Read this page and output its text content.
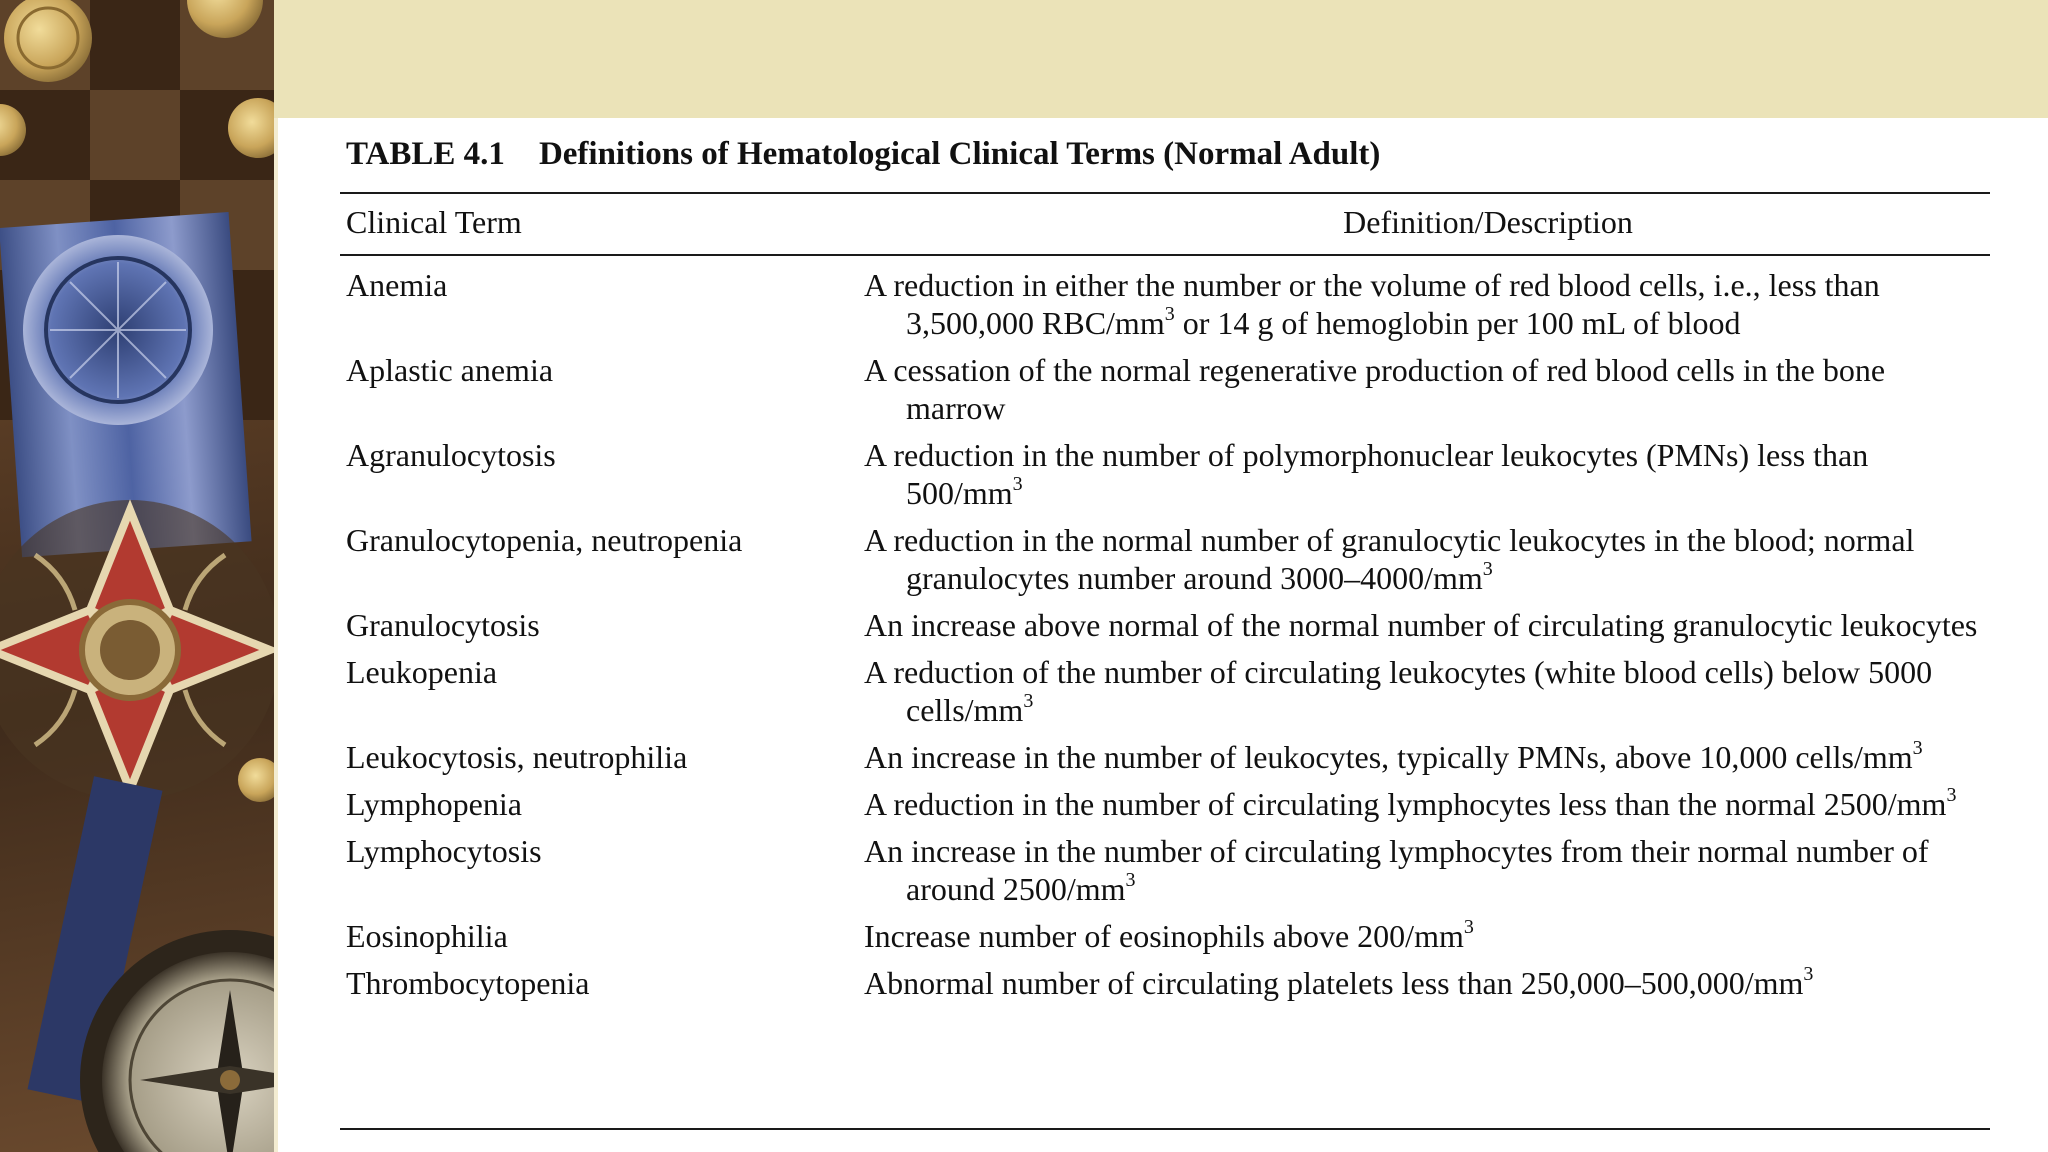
TABLE 4.1 Definitions of Hematological Clinical Terms (Normal Adult)
Clinical Term	Definition/Description
Anemia	A reduction in either the number or the volume of red blood cells, i.e., less than 3,500,000 RBC/$mm^3$ or 14 g of hemoglobin per 100 mL of blood
Aplastic anemia	A cessation of the normal regenerative production of red blood cells in the bone marrow
Agranulocytosis	A reduction in the number of polymorphonuclear leukocytes (PMNs) less than $500/mm^3$
Granulocytopenia, neutropenia	A reduction in the normal number of granulocytic leukocytes in the blood; normal granulocytes number around $3000-4000/mm^3$
Granulocytosis	An increase above normal of the normal number of circulating granulocytic leukocytes
Leukopenia	A reduction of the number of circulating leukocytes (white blood cells) below 5000 cells/$mm^3$
Leukocytosis, neutrophilia	An increase in the number of leukocytes, typically PMNs, above 10,000 cells/$mm^3$
Lymphopenia	A reduction in the number of circulating lymphocytes less than the normal $2500/mm^3$
Lymphocytosis	An increase in the number of circulating lymphocytes from their normal number of around $2500/mm^3$
Eosinophilia	Increase number of eosinophils above $200/mm^3$
Thrombocytopenia	Abnormal number of circulating platelets less than $250,000-500,000/mm^3$
